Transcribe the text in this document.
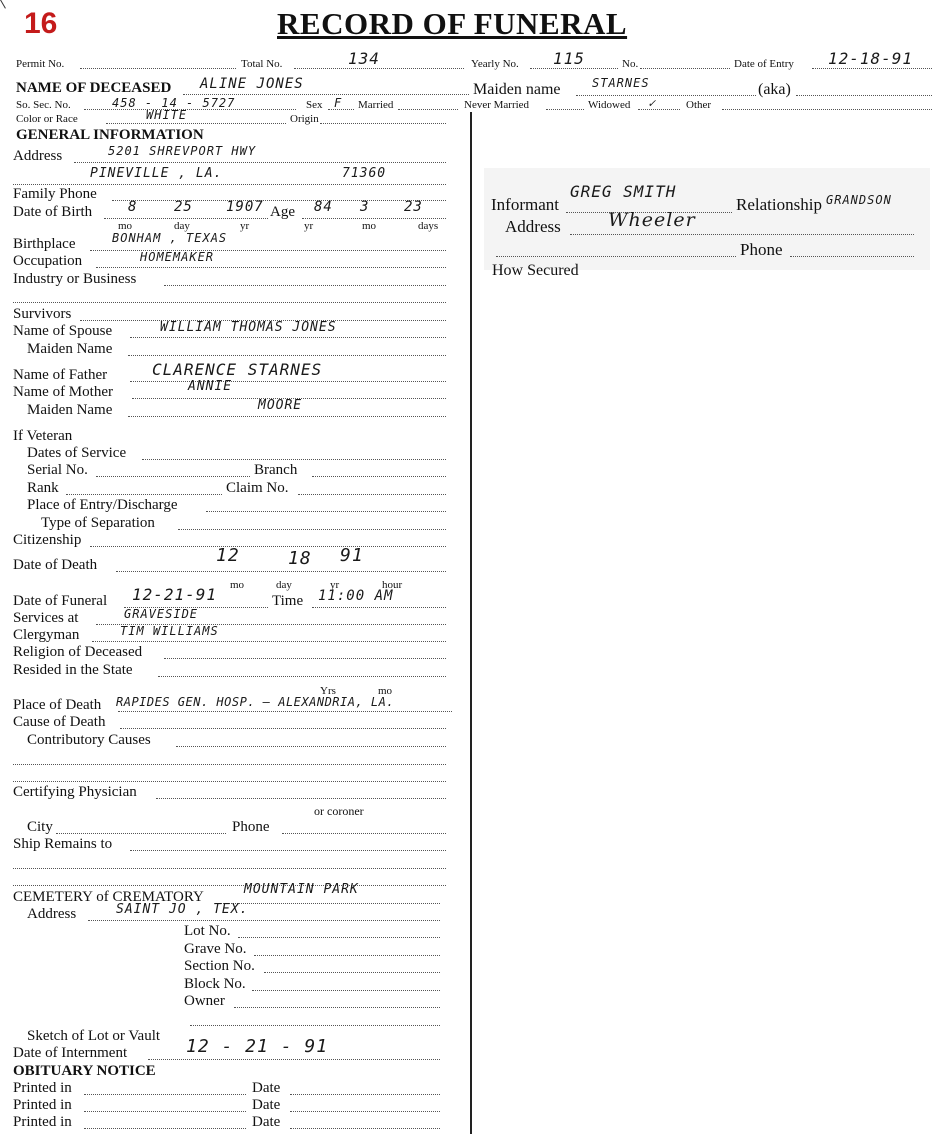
16	RECORD OF FUNERAL
Permit No.	Total No.	134	Yearly No. 115	No.	Date of Entry 12-18-91
NAME OF DECEASED ALINE JONES	Maiden name	STARNES	(aka)
So. Sec. No.	458 - 14 - 5727	Sex F Married	Never Married	Widowed ✓	Other
Color or Race	WHITE	Origin
GENERAL INFORMATION
Address	5201 SHREVPORT HWY
PINEVILLE , LA.	71360
Family Phone
Date of Birth	8	25 1907 Age 84 3 23
mo	day	yr	yr	mo	days
Birthplace	BONHAM , TEXAS
Occupation	HOMEMAKER
Industry or Business
Survivors
Name of Spouse	WILLIAM THOMAS JONES
Maiden Name
Name of Father	CLARENCE STARNES
Name of Mother	ANNIE
Maiden Name	MOORE
If Veteran
Dates of Service
Serial No.	Branch
Rank	Claim No.
Place of Entry/Discharge
Type of Separation
Citizenship
Date of Death	12	18 91
mo	day	yr	hour
Date of Funeral 12-21-91	Time 11:00 AM
Services at	GRAVESIDE
Clergyman	TIM WILLIAMS
Religion of Deceased
Resided in the State
Yrs	mo
Place of Death RAPIDES GEN. HOSP. — ALEXANDRIA, LA.
Cause of Death
Contributory Causes
Certifying Physician
or coroner
City	Phone
Ship Remains to
CEMETERY of CREMATORY	MOUNTAIN PARK
Address	SAINT JO , TEX.
Lot No.
Grave No.
Section No.
Block No.
Owner
Sketch of Lot or Vault
Date of Internment	12 - 21 - 91
OBITUARY NOTICE
Printed in	Date
Printed in	Date
Printed in	Date
Informant
GREG SMITH
Relationship GRANDSON
Address Wheeler
Phone
How Secured
